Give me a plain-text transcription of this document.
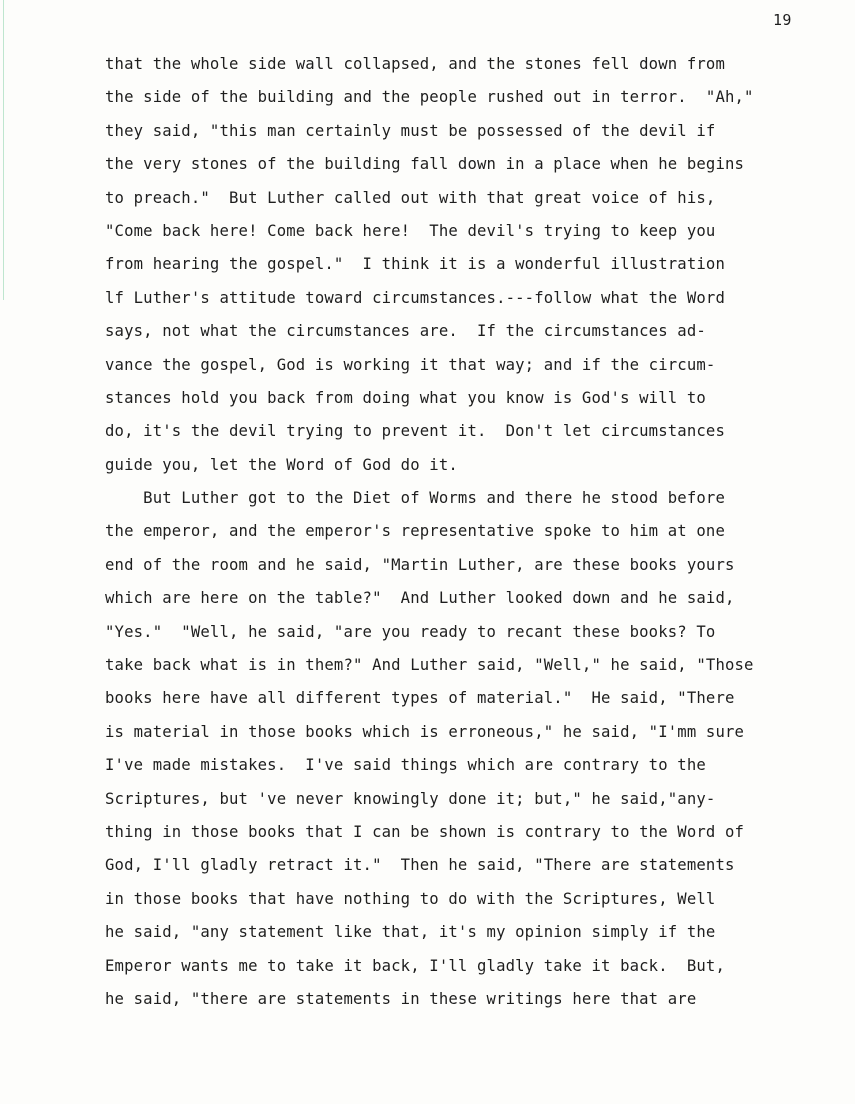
19
that the whole side wall collapsed, and the stones fell down from
the side of the building and the people rushed out in terror.  "Ah,"
they said, "this man certainly must be possessed of the devil if
the very stones of the building fall down in a place when he begins
to preach."  But Luther called out with that great voice of his,
"Come back here! Come back here!  The devil's trying to keep you
from hearing the gospel."  I think it is a wonderful illustration
lf Luther's attitude toward circumstances.---follow what the Word
says, not what the circumstances are.  If the circumstances ad-
vance the gospel, God is working it that way; and if the circum-
stances hold you back from doing what you know is God's will to
do, it's the devil trying to prevent it.  Don't let circumstances
guide you, let the Word of God do it.
But Luther got to the Diet of Worms and there he stood before
the emperor, and the emperor's representative spoke to him at one
end of the room and he said, "Martin Luther, are these books yours
which are here on the table?"  And Luther looked down and he said,
"Yes."  "Well, he said, "are you ready to recant these books? To
take back what is in them?" And Luther said, "Well," he said, "Those
books here have all different types of material."  He said, "There
is material in those books which is erroneous," he said, "I'mm sure
I've made mistakes.  I've said things which are contrary to the
Scriptures, but 've never knowingly done it; but," he said,"any-
thing in those books that I can be shown is contrary to the Word of
God, I'll gladly retract it."  Then he said, "There are statements
in those books that have nothing to do with the Scriptures, Well
he said, "any statement like that, it's my opinion simply if the
Emperor wants me to take it back, I'll gladly take it back.  But,
he said, "there are statements in these writings here that are
